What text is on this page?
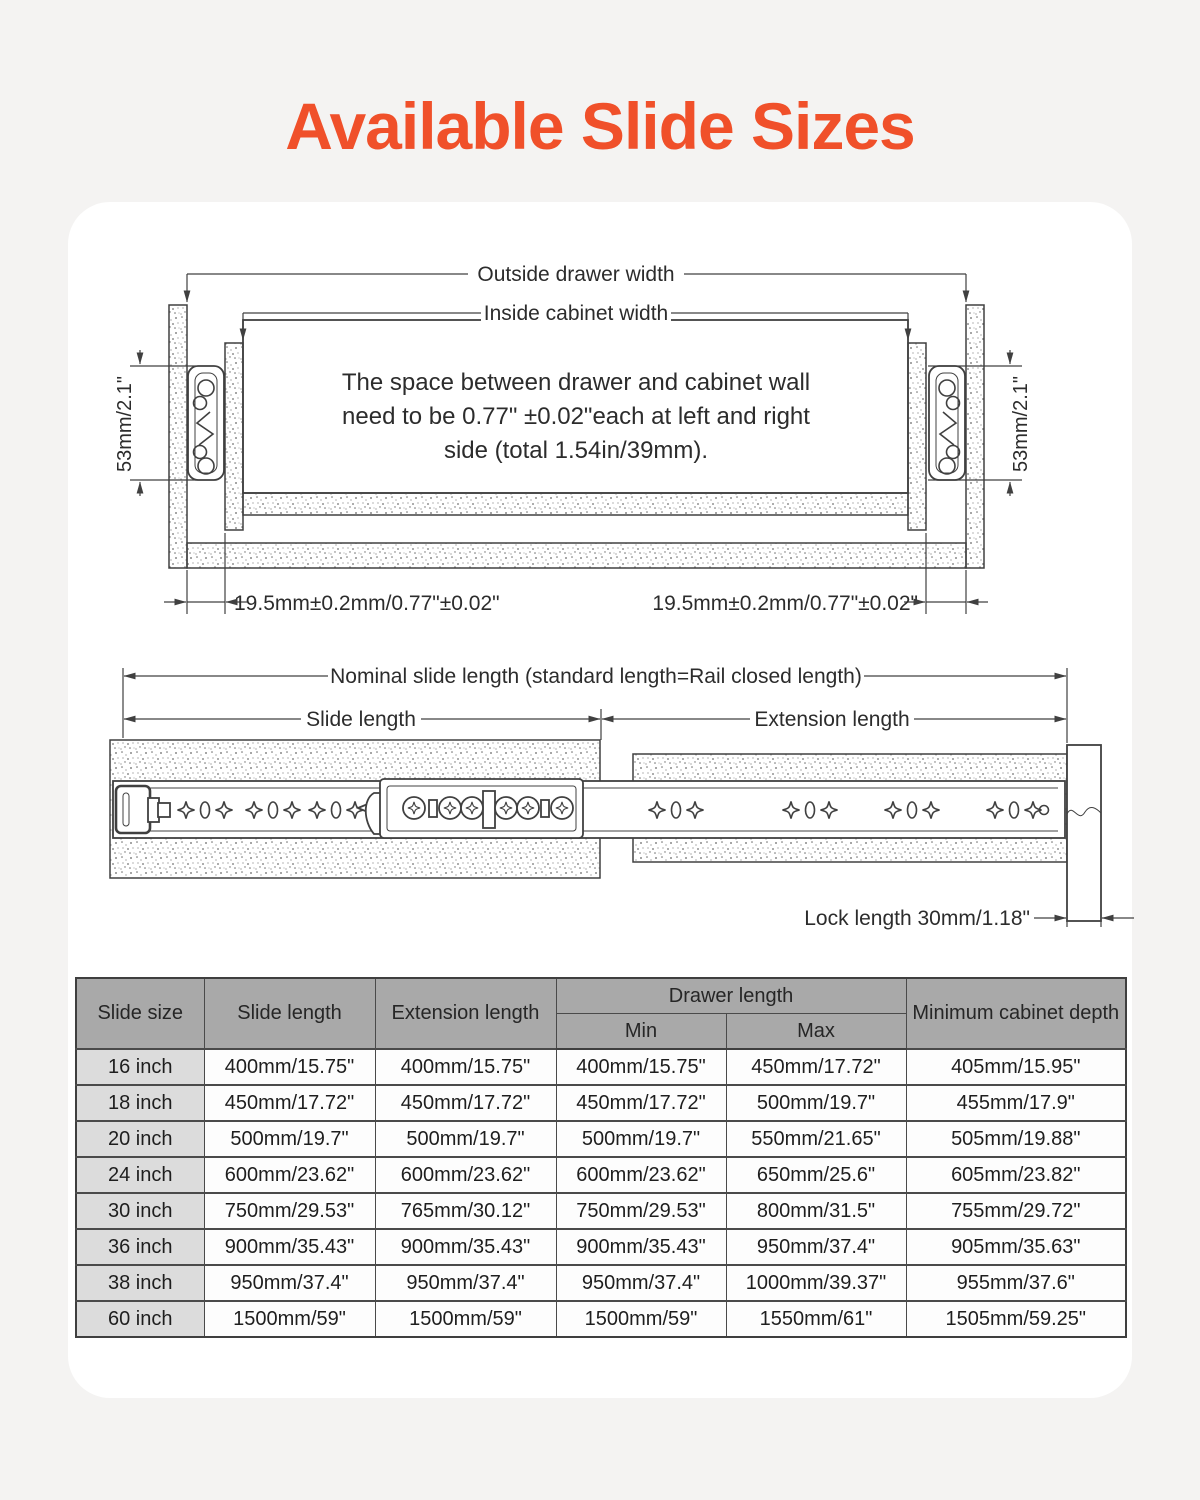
Available Slide Sizes
Outside drawer width
Inside cabinet width
The space between drawer and cabinet wall
need to be 0.77" ±0.02"each at left and right
side (total 1.54in/39mm).
53mm/2.1"	53mm/2.1"
19.5mm±0.2mm/0.77"±0.02"	19.5mm±0.2mm/0.77"±0.02"
Nominal slide length (standard length=Rail closed length)
Slide length	Extension length
Lock length 30mm/1.18"
Slide size	Slide length	Extension length	Drawer length		Minimum cabinet depth
			Min	Max	
16 inch	400mm/15.75"	400mm/15.75"	400mm/15.75"	450mm/17.72"	405mm/15.95"
18 inch	450mm/17.72"	450mm/17.72"	450mm/17.72"	500mm/19.7"	455mm/17.9"
20 inch	500mm/19.7"	500mm/19.7"	500mm/19.7"	550mm/21.65"	505mm/19.88"
24 inch	600mm/23.62"	600mm/23.62"	600mm/23.62"	650mm/25.6"	605mm/23.82"
30 inch	750mm/29.53"	765mm/30.12"	750mm/29.53"	800mm/31.5"	755mm/29.72"
36 inch	900mm/35.43"	900mm/35.43"	900mm/35.43"	950mm/37.4"	905mm/35.63"
38 inch	950mm/37.4"	950mm/37.4"	950mm/37.4"	1000mm/39.37"	955mm/37.6"
60 inch	1500mm/59"	1500mm/59"	1500mm/59"	1550mm/61"	1505mm/59.25"
